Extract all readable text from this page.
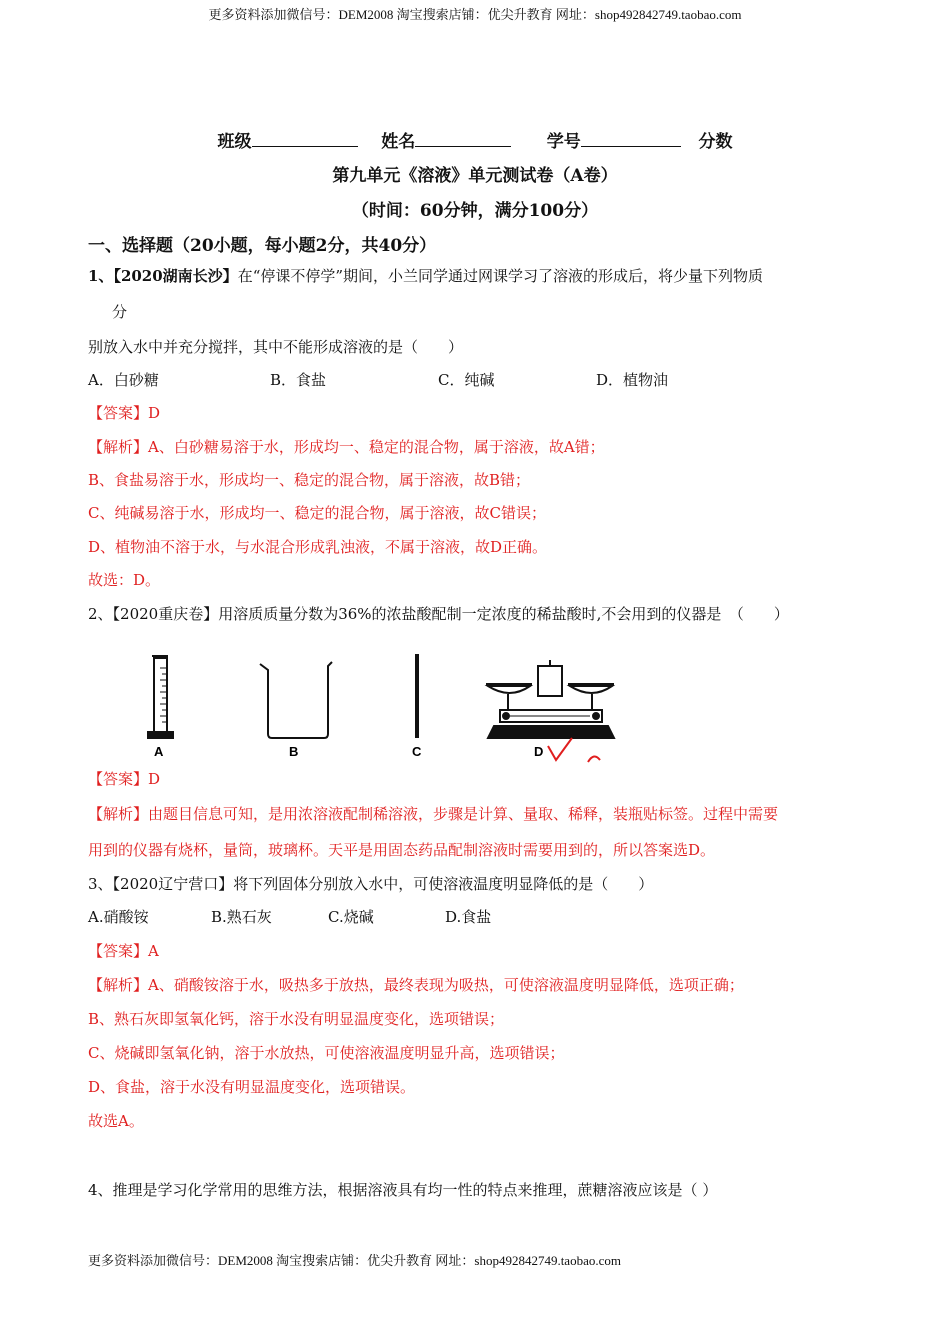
更多资料添加微信号：DEM2008 淘宝搜索店铺：优尖升教育 网址：shop492842749.taobao.com
班级	姓名	学号	分数
第九单元《溶液》单元测试卷（A卷）
（时间：60分钟，满分100分）
一、选择题（20小题，每小题2分，共40分）
1、【2020湖南长沙】在“停课不停学”期间，小兰同学通过网课学习了溶液的形成后，将少量下列物质
分
别放入水中并充分搅拌，其中不能形成溶液的是（　　）
A．白砂糖	B．食盐	C．纯碱	D．植物油
【答案】D
【解析】A、白砂糖易溶于水，形成均一、稳定的混合物，属于溶液，故A错；
B、食盐易溶于水，形成均一、稳定的混合物，属于溶液，故B错；
C、纯碱易溶于水，形成均一、稳定的混合物，属于溶液，故C错误；
D、植物油不溶于水，与水混合形成乳浊液，不属于溶液，故D正确。
故选：D。
2、【2020重庆卷】用溶质质量分数为36%的浓盐酸配制一定浓度的稀盐酸时,不会用到的仪器是　（　　）
A	B	C	D
【答案】D
【解析】由题目信息可知，是用浓溶液配制稀溶液，步骤是计算、量取、稀释，装瓶贴标签。过程中需要
用到的仪器有烧杯，量筒，玻璃杯。天平是用固态药品配制溶液时需要用到的，所以答案选D。
3、【2020辽宁营口】将下列固体分别放入水中，可使溶液温度明显降低的是（　　）
A.硝酸铵	B.熟石灰	C.烧碱	D.食盐
【答案】A
【解析】A、硝酸铵溶于水，吸热多于放热，最终表现为吸热，可使溶液温度明显降低，选项正确；
B、熟石灰即氢氧化钙，溶于水没有明显温度变化，选项错误；
C、烧碱即氢氧化钠，溶于水放热，可使溶液温度明显升高，选项错误；
D、食盐，溶于水没有明显温度变化，选项错误。
故选A。
4、推理是学习化学常用的思维方法，根据溶液具有均一性的特点来推理，蔗糖溶液应该是（ ）
更多资料添加微信号：DEM2008 淘宝搜索店铺：优尖升教育 网址：shop492842749.taobao.com
